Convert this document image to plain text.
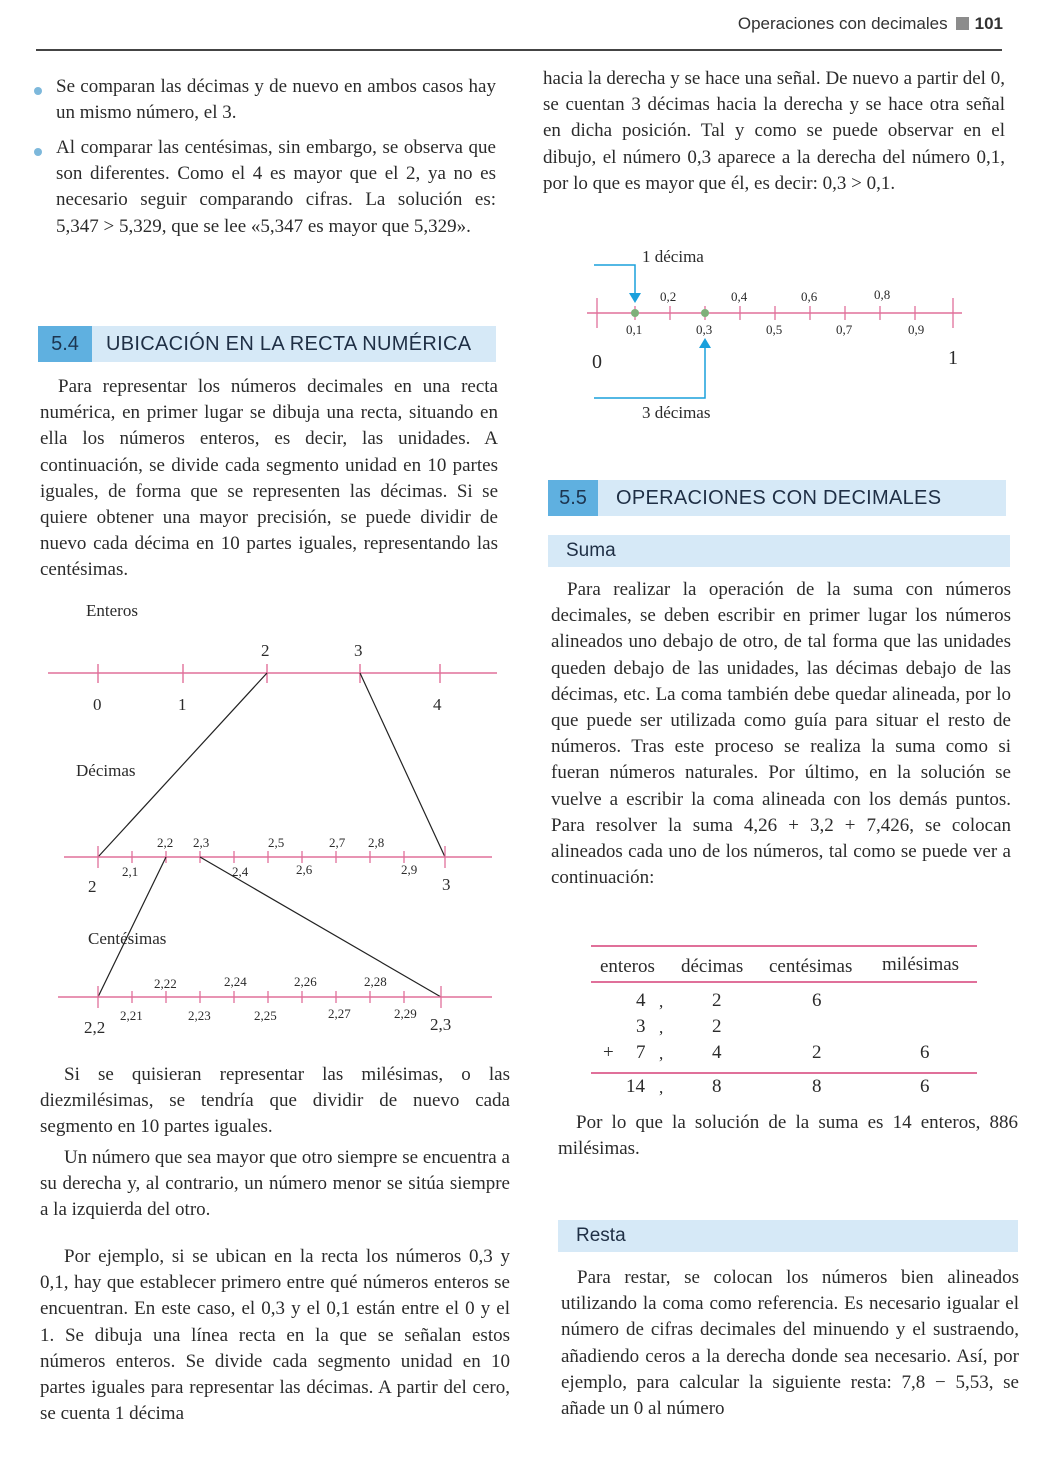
Operaciones con decimales 101

Se comparan las décimas y de nuevo en ambos casos hay un mismo número, el 3.

Al comparar las centésimas, sin embargo, se observa que son diferentes. Como el 4 es mayor que el 2, ya no es necesario seguir comparando cifras. La solución es: 5,347 > 5,329, que se lee «5,347 es mayor que 5,329».

5.4	UBICACIÓN EN LA RECTA NUMÉRICA

Para representar los números decimales en una recta numérica, en primer lugar se dibuja una recta, situando en ella los números enteros, es decir, las unidades. A continuación, se divide cada segmento unidad en 10 partes iguales, de forma que se representen las décimas. Si se quiere obtener una mayor precisión, se puede dividir de nuevo cada décima en 10 partes iguales, representando las centésimas.

Enteros
Décimas
Centésimas
0	1
2	3
4
2
2,1
2,2 2,3
2,4
2,5
2,6
2,7 2,8
2,9
3
2,2
2,21
2,22
2,23
2,24
2,25
2,26
2,27
2,28
2,29
2,3

Si se quisieran representar las milésimas, o las diezmilésimas, se tendría que dividir de nuevo cada segmento en 10 partes iguales.

Un número que sea mayor que otro siempre se encuentra a su derecha y, al contrario, un número menor se sitúa siempre a la izquierda del otro.

Por ejemplo, si se ubican en la recta los números 0,3 y 0,1, hay que establecer primero entre qué números enteros se encuentran. En este caso, el 0,3 y el 0,1 están entre el 0 y el 1. Se dibuja una línea recta en la que se señalan estos números enteros. Se divide cada segmento unidad en 10 partes iguales para representar las décimas. A partir del cero, se cuenta 1 décima

hacia la derecha y se hace una señal. De nuevo a partir del 0, se cuentan 3 décimas hacia la derecha y se hace otra señal en dicha posición. Tal y como se puede observar en el dibujo, el número 0,3 aparece a la derecha del número 0,1, por lo que es mayor que él, es decir: 0,3 > 0,1.

1 décima
3 décimas
0,1
0,2
0,3
0,4
0,5
0,6
0,7
0,8
0,9
0	1
5.5	OPERACIONES CON DECIMALES
Suma

Para realizar la operación de la suma con números decimales, se deben escribir en primer lugar los números alineados uno debajo de otro, de tal forma que las unidades queden debajo de las unidades, las décimas debajo de las décimas, etc. La coma también debe quedar alineada, por lo que puede ser utilizada como guía para situar el resto de números. Tras este proceso se realiza la suma como si fueran números naturales. Por último, en la solución se vuelve a escribir la coma alineada con los demás puntos. Para resolver la suma 4,26 + 3,2 + 7,426, se colocan alineados cada uno de los números, tal como se puede ver a continuación:

enteros décimas centésimas milésimas
4 ,	2	6
3 ,	2
+ 7 ,	4	2	6
14 ,	8	8	6

Por lo que la solución de la suma es 14 enteros, 886 milésimas.

Resta

Para restar, se colocan los números bien alineados utilizando la coma como referencia. Es necesario igualar el número de cifras decimales del minuendo y el sustraendo, añadiendo ceros a la derecha donde sea necesario. Así, por ejemplo, para calcular la siguiente resta: 7,8 − 5,53, se añade un 0 al número
